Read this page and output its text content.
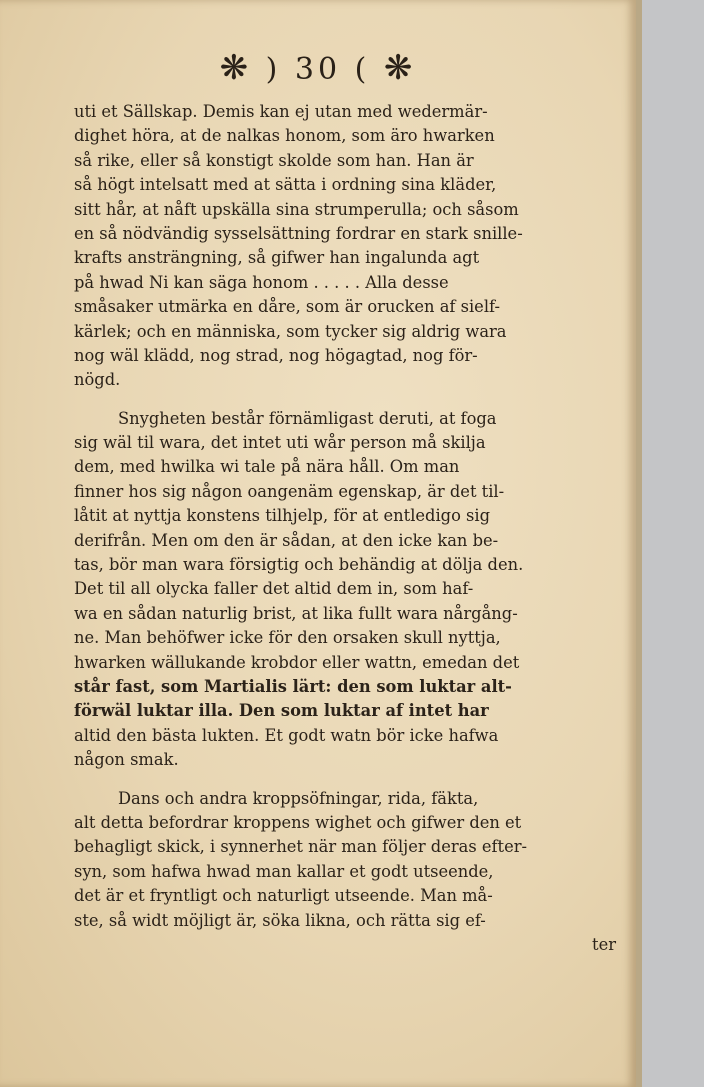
❋ ) 30 ( ❋
uti et Sällskap. Demis kan ej utan med wedermär-
dighet höra, at de nalkas honom, som äro hwarken
så rike, eller så konstigt skolde som han. Han är
så högt intelsatt med at sätta i ordning sina kläder,
sitt hår, at nåft upskälla sina strumperulla; och såsom
en så nödvändig sysselsättning fordrar en stark snille-
krafts ansträngning, så gifwer han ingalunda agt
på hwad Ni kan säga honom . . . . . Alla desse
småsaker utmärka en dåre, som är orucken af sielf-
kärlek; och en människa, som tycker sig aldrig wara
nog wäl klädd, nog strad, nog högagtad, nog för-
nögd.
Snygheten består förnämligast deruti, at foga
sig wäl til wara, det intet uti wår person må skilja
dem, med hwilka wi tale på nära håll. Om man
finner hos sig någon oangenäm egenskap, är det til-
låtit at nyttja konstens tilhjelp, för at entledigo sig
derifrån. Men om den är sådan, at den icke kan be-
tas, bör man wara försigtig och behändig at dölja den.
Det til all olycka faller det altid dem in, som haf-
wa en sådan naturlig brist, at lika fullt wara nårgång-
ne. Man behöfwer icke för den orsaken skull nyttja,
hwarken wällukande krobdor eller wattn, emedan det
står fast, som Martialis lärt: den som luktar alt-
förwäl luktar illa. Den som luktar af intet har
altid den bästa lukten. Et godt watn bör icke hafwa
någon smak.
Dans och andra kroppsöfningar, rida, fäkta,
alt detta befordrar kroppens wighet och gifwer den et
behagligt skick, i synnerhet när man följer deras efter-
syn, som hafwa hwad man kallar et godt utseende,
det är et fryntligt och naturligt utseende. Man må-
ste, så widt möjligt är, söka likna, och rätta sig ef-
ter
